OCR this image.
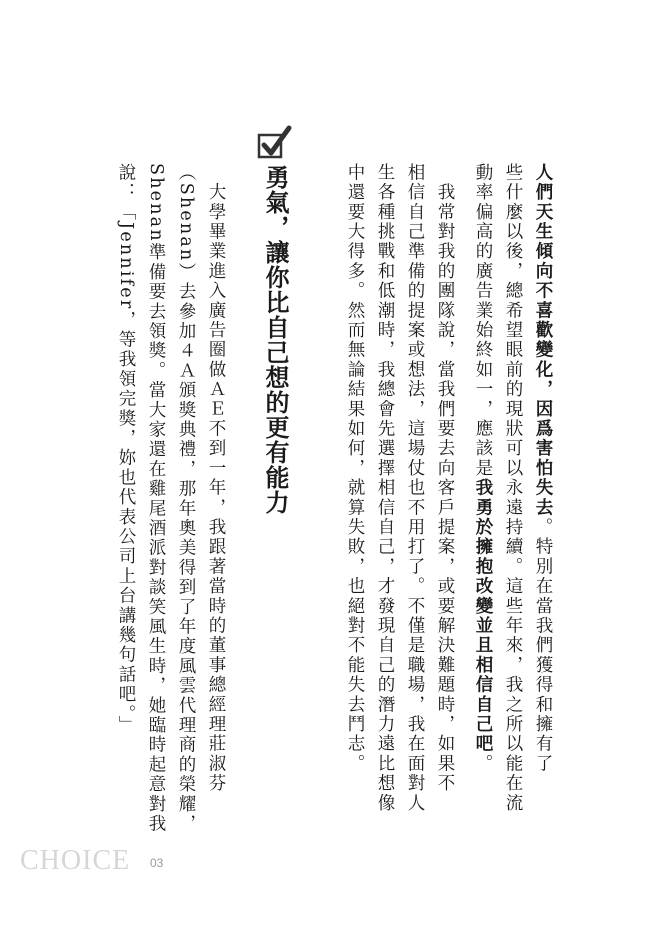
人們天生傾向不喜歡變化，因爲害怕失去。特別在當我們獲得和擁有了
些什麼以後，總希望眼前的現狀可以永遠持續。這些年來，我之所以能在流
動率偏高的廣告業始終如一，應該是我勇於擁抱改變並且相信自己吧。
　我常對我的團隊說，當我們要去向客戶提案，或要解決難題時，如果不
相信自己準備的提案或想法，這場仗也不用打了。不僅是職場，我在面對人
生各種挑戰和低潮時，我總會先選擇相信自己，才發現自己的潛力遠比想像
中還要大得多。然而無論結果如何，就算失敗，也絕對不能失去鬥志。
勇氣，讓你比自己想的更有能力
　大學畢業進入廣告圈做ＡＥ不到一年，我跟著當時的董事總經理莊淑芬
（Shenan）去參加４Ａ頒獎典禮，那年奧美得到了年度風雲代理商的榮耀，
Shenan準備要去領獎。當大家還在雞尾酒派對談笑風生時，她臨時起意對我
說：「Jennifer，等我領完獎，妳也代表公司上台講幾句話吧。」
CHOICE 03
